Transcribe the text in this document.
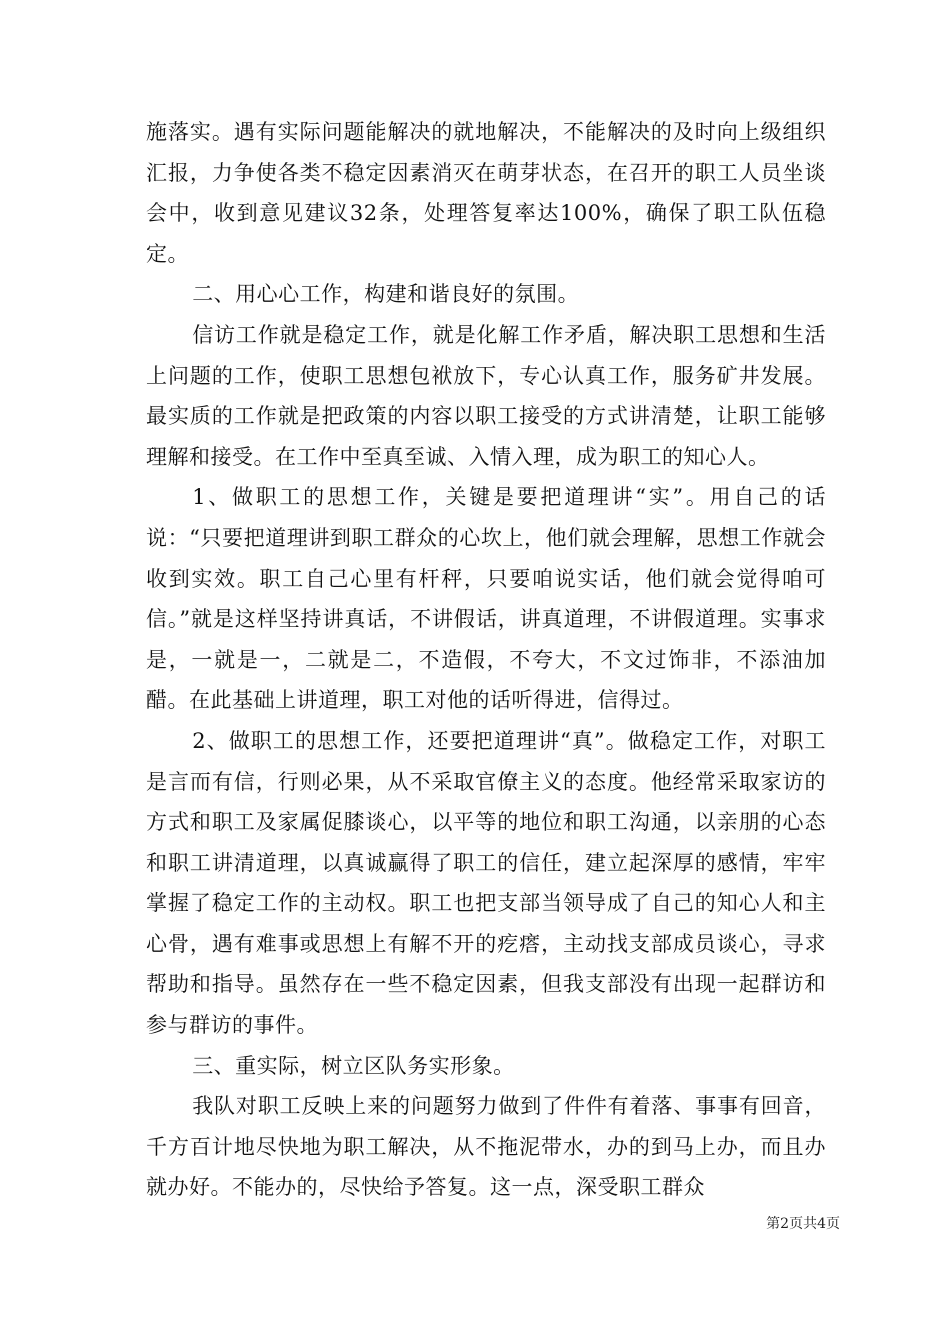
施落实。遇有实际问题能解决的就地解决，不能解决的及时向上级组织汇报，力争使各类不稳定因素消灭在萌芽状态，在召开的职工人员坐谈会中，收到意见建议32条，处理答复率达100%，确保了职工队伍稳定。

二、用心心工作，构建和谐良好的氛围。

信访工作就是稳定工作，就是化解工作矛盾，解决职工思想和生活上问题的工作，使职工思想包袱放下，专心认真工作，服务矿井发展。最实质的工作就是把政策的内容以职工接受的方式讲清楚，让职工能够理解和接受。在工作中至真至诚、入情入理，成为职工的知心人。

1、做职工的思想工作，关键是要把道理讲“实”。用自己的话说：“只要把道理讲到职工群众的心坎上，他们就会理解，思想工作就会收到实效。职工自己心里有杆秤，只要咱说实话，他们就会觉得咱可信。”就是这样坚持讲真话，不讲假话，讲真道理，不讲假道理。实事求是，一就是一，二就是二，不造假，不夸大，不文过饰非，不添油加醋。在此基础上讲道理，职工对他的话听得进，信得过。

2、做职工的思想工作，还要把道理讲“真”。做稳定工作，对职工是言而有信，行则必果，从不采取官僚主义的态度。他经常采取家访的方式和职工及家属促膝谈心，以平等的地位和职工沟通，以亲朋的心态和职工讲清道理，以真诚赢得了职工的信任，建立起深厚的感情，牢牢掌握了稳定工作的主动权。职工也把支部当领导成了自己的知心人和主心骨，遇有难事或思想上有解不开的疙瘩，主动找支部成员谈心，寻求帮助和指导。虽然存在一些不稳定因素，但我支部没有出现一起群访和参与群访的事件。

三、重实际，树立区队务实形象。

我队对职工反映上来的问题努力做到了件件有着落、事事有回音，千方百计地尽快地为职工解决，从不拖泥带水，办的到马上办，而且办就办好。不能办的，尽快给予答复。这一点，深受职工群众

第2页共4页
